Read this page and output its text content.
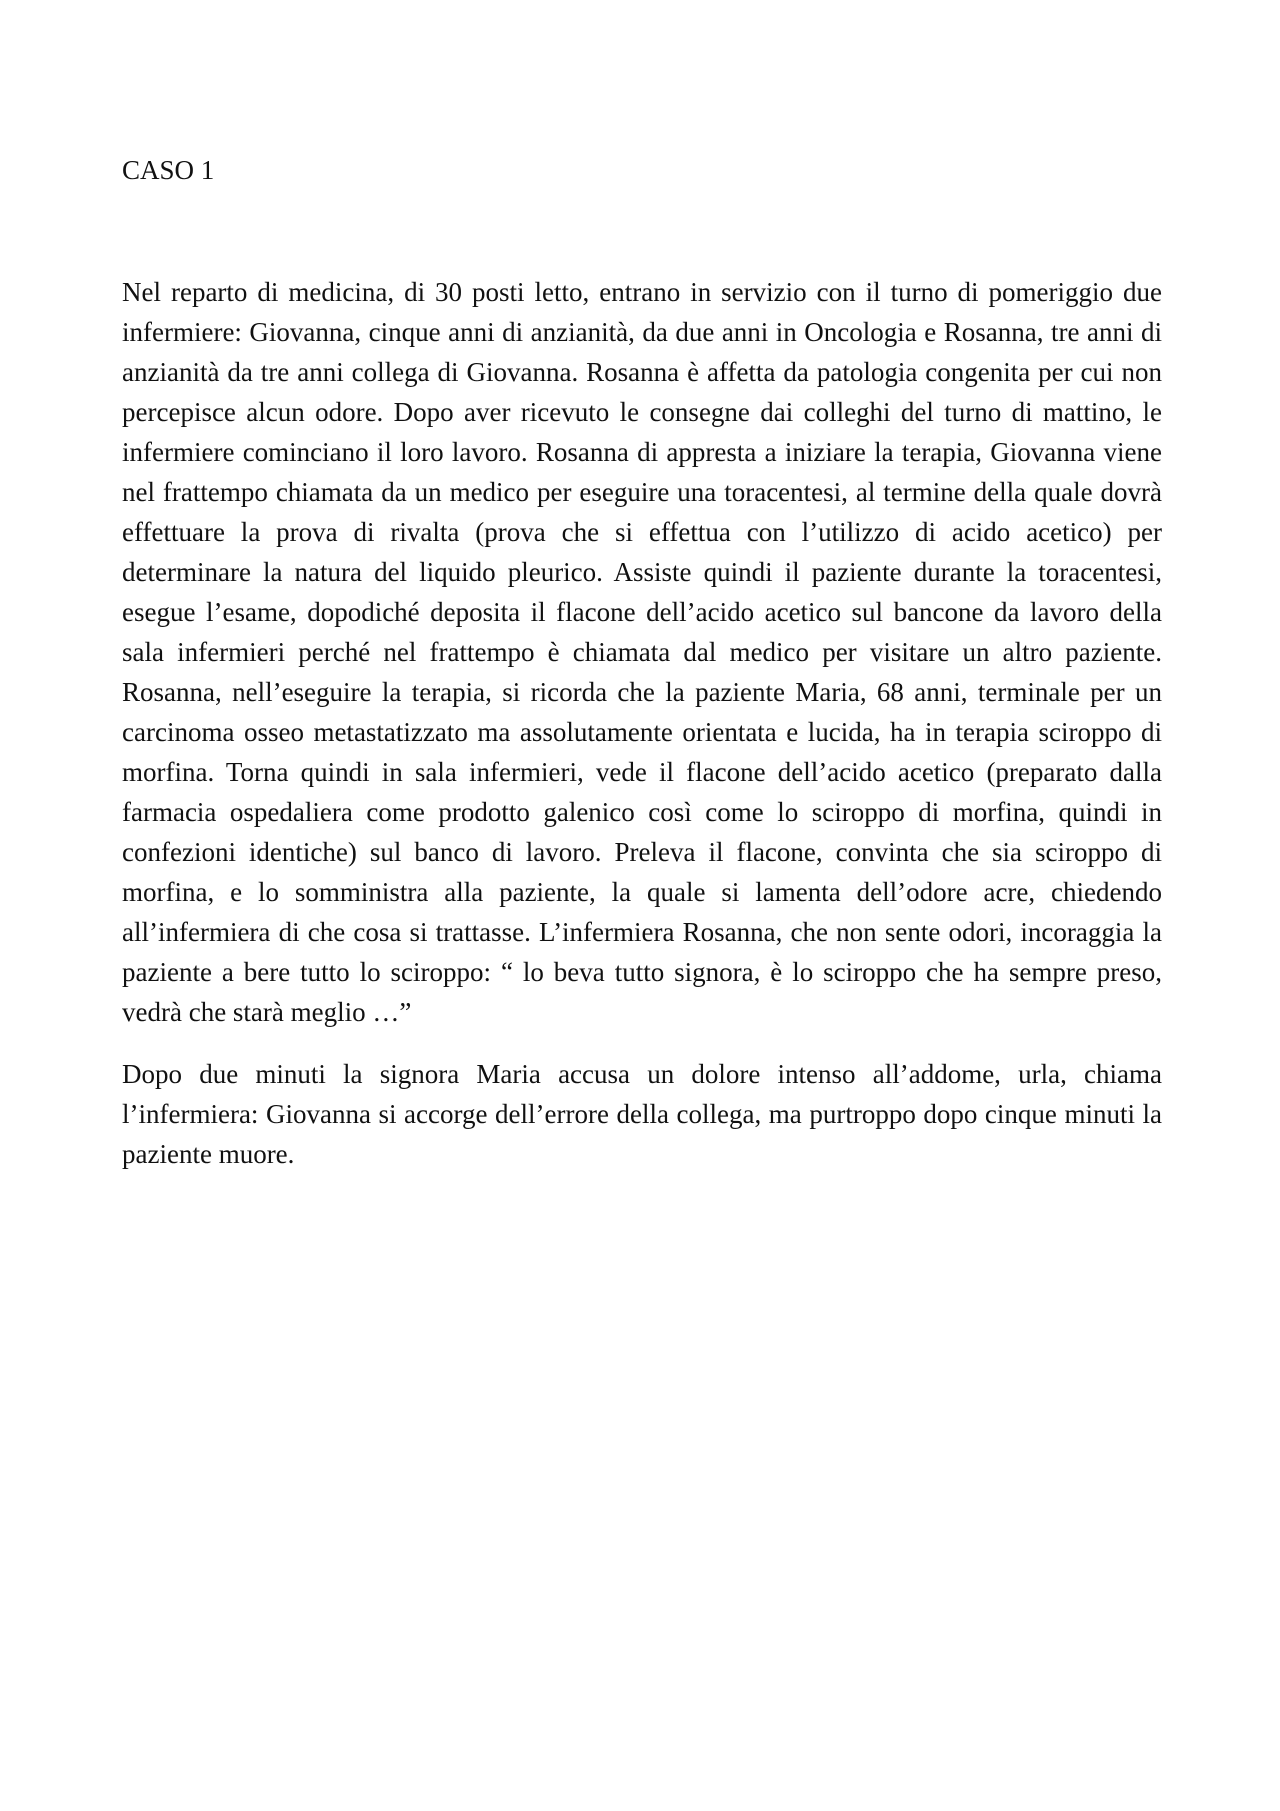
CASO 1

Nel reparto di medicina, di 30 posti letto, entrano in servizio con il turno di pomeriggio due infermiere: Giovanna, cinque anni di anzianità, da due anni in Oncologia e Rosanna, tre anni di anzianità da tre anni collega di Giovanna. Rosanna è affetta da patologia congenita per cui non percepisce alcun odore. Dopo aver ricevuto le consegne dai colleghi del turno di mattino, le infermiere cominciano il loro lavoro. Rosanna di appresta a iniziare la terapia, Giovanna viene nel frattempo chiamata da un medico per eseguire una toracentesi, al termine della quale dovrà effettuare la prova di rivalta (prova che si effettua con l’utilizzo di acido acetico) per determinare la natura del liquido pleurico. Assiste quindi il paziente durante la toracentesi, esegue l’esame, dopodiché deposita il flacone dell’acido acetico sul bancone da lavoro della sala infermieri perché nel frattempo è chiamata dal medico per visitare un altro paziente. Rosanna, nell’eseguire la terapia, si ricorda che la paziente Maria, 68 anni, terminale per un carcinoma osseo metastatizzato ma assolutamente orientata e lucida, ha in terapia sciroppo di morfina. Torna quindi in sala infermieri, vede il flacone dell’acido acetico (preparato dalla farmacia ospedaliera come prodotto galenico così come lo sciroppo di morfina, quindi in confezioni identiche) sul banco di lavoro. Preleva il flacone, convinta che sia sciroppo di morfina, e lo somministra alla paziente, la quale si lamenta dell’odore acre, chiedendo all’infermiera di che cosa si trattasse. L’infermiera Rosanna, che non sente odori, incoraggia la paziente a bere tutto lo sciroppo: “ lo beva tutto signora, è lo sciroppo che ha sempre preso, vedrà che starà meglio …”

Dopo due minuti la signora Maria accusa un dolore intenso all’addome, urla, chiama l’infermiera: Giovanna si accorge dell’errore della collega, ma purtroppo dopo cinque minuti la paziente muore.
